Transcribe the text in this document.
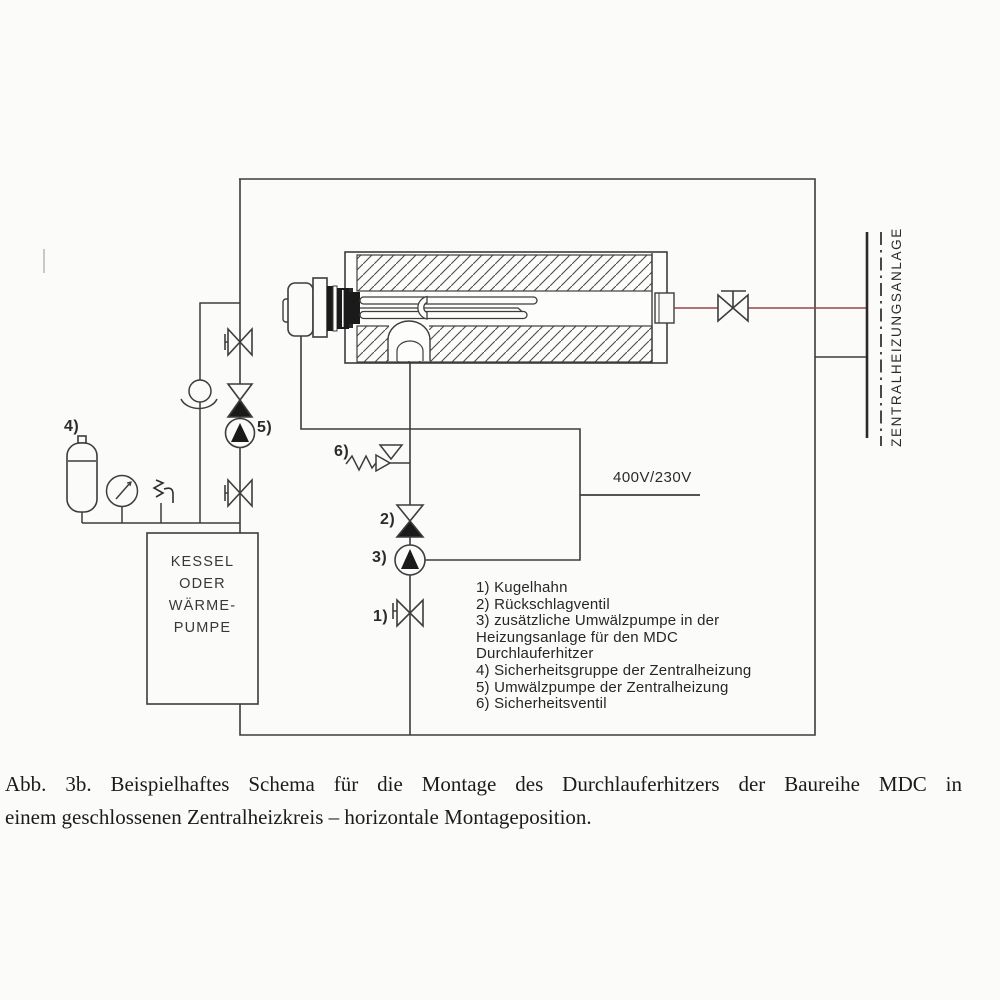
4)	5)
6)
2)
3)
1)
400V/230V
KESSEL
ODER
WÄRME-
PUMPE
ZENTRALHEIZUNGSANLAGE
1) Kugelhahn
2) Rückschlagventil
3) zusätzliche Umwälzpumpe in der Heizungsanlage für den MDC Durchlauferhitzer
4) Sicherheitsgruppe der Zentralheizung
5) Umwälzpumpe der Zentralheizung
6) Sicherheitsventil
Abb. 3b. Beispielhaftes Schema für die Montage des Durchlauferhitzers der Baureihe MDC in
einem geschlossenen Zentralheizkreis – horizontale Montageposition.
